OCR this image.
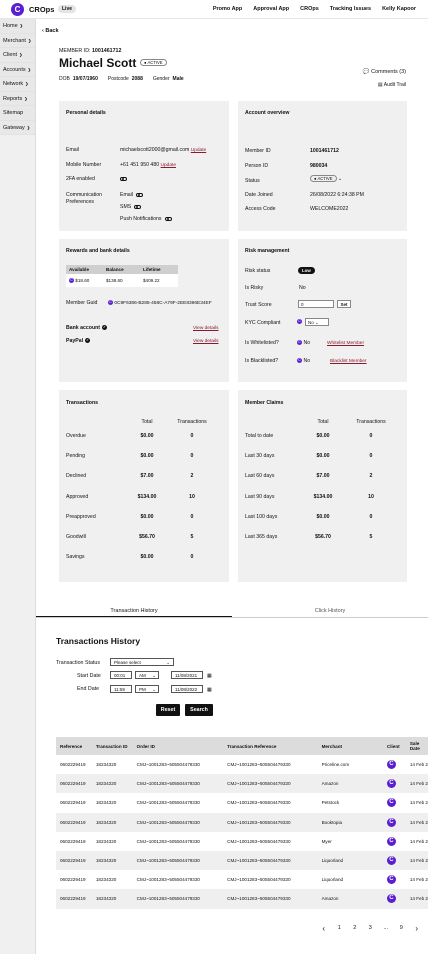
C	CROps	Live	Promo App Approval App CROps Tracking Issues Kelly Kapoor
Home ❯
Merchant ❯
Client ❯
Accounts ❯
Network ❯
Reports ❯
Sitemap
Gateway ❯
‹ Back
MEMBER ID: 1001461712
Michael Scott	● ACTIVE
DOB 19/07/1960 Postcode 2088 Gender Male
💬 Comments (3)
▤ Audit Trail
Personal details
Email	michaelscott2000@gmail.com Update
Mobile Number	+61 451 950 480 Update
2FA enabled
Communication Preferences
Email
SMS
Push Notifications
Account overview
Member ID	1001461712
Person ID	980034
Status	● ACTIVE ⌄
Date Joined	26/08/2022 6:24:38 PM
Access Code	WELCOME2022
Rewards and bank details
Available	Balance	Lifetime
C $18.60	$138.60	$409.22
Member Guid	C 0C9F6386-B285-458C-A79F-2EE8396E34EF
Bank account ✓	View details
PayPal ✓	View details
Risk management
Risk status	Low
Is Risky	No
Trust Score	0	Set
KYC Compliant	C	No ⌄
Is Whitelisted?	C No	Whitelist Member
Is Blacklisted?	C No	Blacklist Member
Transactions
Total	Transactions
Overdue	$0.00	0
Pending	$0.00	0
Declined	$7.00	2
Approved	$134.00	10
Preapproved	$0.00	0
Goodwill	$56.70	5
Savings	$0.00	0
Member Claims
Total	Transactions
Total to date	$0.00	0
Last 30 days	$0.00	0
Last 60 days	$7.00	2
Last 90 days	$134.00	10
Last 100 days	$0.00	0
Last 365 days	$56.70	5
Transaction History	Click History
Transactions History
Transaction Status	Please select	⌄
Start Date	00:01	AM ⌄	11/08/2021	▦
End Date	11:59	PM ⌄	11/08/2022	▦
Reset	Search
Reference	Transaction ID	Order ID	Transaction Reference	Merchant	Client	Sale Date
0602229419	18234320	CMJ~1001283~505504479330	CMJ~1001283~505504479330	Priceline.com	C	14 Feb 2
0602229419	18234320	CMJ~1001283~505504479330	CMJ~1001283~505504479330	Amazon	C	14 Feb 2
0602229419	18234320	CMJ~1001283~505504479330	CMJ~1001283~505504479330	Petstock	C	14 Feb 2
0602229419	18234320	CMJ~1001283~505504479330	CMJ~1001283~505504479330	Booktopia	C	14 Feb 2
0602229419	18234320	CMJ~1001283~505504479330	CMJ~1001283~505504479330	Myer	C	14 Feb 2
0602229419	18234320	CMJ~1001283~505504479330	CMJ~1001283~505504479330	Liquorland	C	14 Feb 2
0602229419	18234320	CMJ~1001283~505504479330	CMJ~1001283~505504479330	Liquorland	C	14 Feb 2
0602229419	18234320	CMJ~1001283~505504479330	CMJ~1001283~505504479330	Amazon	C	14 Feb 2
‹	1	2	3	...	9	›
